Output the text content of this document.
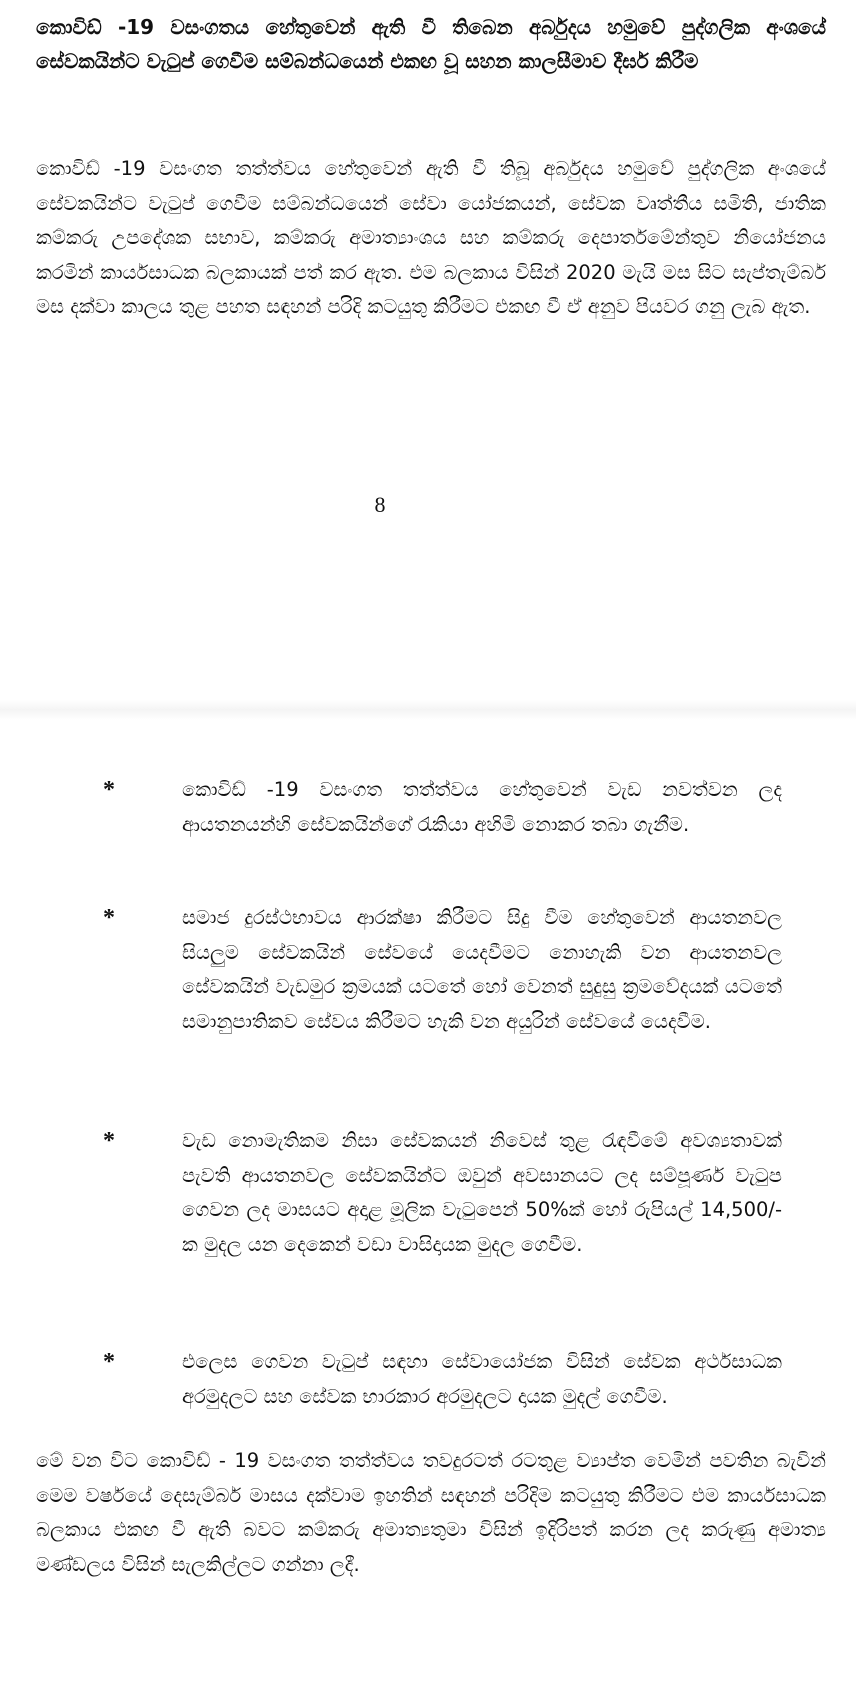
කොවිඩ් -19 වසංගතය හේතුවෙන් ඇති වී තිබෙන අර්බුදය හමුවේ පුද්ගලික අංශයේ සේවකයින්ට වැටුප් ගෙවීම සම්බන්ධයෙන් එකඟ වූ සහන කාලසීමාව දීර්ඝ කිරීම

කොවිඩ් -19 වසංගත තත්ත්වය හේතුවෙන් ඇති වී තිබූ අර්බුදය හමුවේ පුද්ගලික අංශයේ සේවකයින්ට වැටුප් ගෙවීම සම්බන්ධයෙන් සේවා යෝජකයන්, සේවක වෘත්තීය සමිති, ජාතික කම්කරු උපදේශක සභාව, කම්කරු අමාත්‍යාංශය සහ කම්කරු දෙපාර්තමේන්තුව නියෝජනය කරමින් කාර්යසාධක බලකායක් පත් කර ඇත. එම බලකාය විසින් 2020 මැයි මස සිට සැප්තැම්බර් මස දක්වා කාලය තුළ පහත සඳහන් පරිදි කටයුතු කිරීමට එකඟ වී ඒ අනුව පියවර ගනු ලැබ ඇත.

8
*	කොවිඩ් -19 වසංගත තත්ත්වය හේතුවෙන් වැඩ නවත්වන ලද ආයතනයන්හි සේවකයින්ගේ රැකියා අහිමි නොකර තබා ගැනීම.

*	සමාජ දුරස්ථභාවය ආරක්ෂා කිරීමට සිදු වීම හේතුවෙන් ආයතනවල සියලුම සේවකයින් සේවයේ යෙදවීමට නොහැකි වන ආයතනවල සේවකයින් වැඩමුර ක්‍රමයක් යටතේ හෝ වෙනත් සුදුසු ක්‍රමවේදයක් යටතේ සමානුපාතිකව සේවය කිරීමට හැකි වන අයුරින් සේවයේ යෙදවීම.

*	වැඩ නොමැතිකම නිසා සේවකයන් නිවෙස් තුළ රැඳවීමේ අවශ්‍යතාවක් පැවති ආයතනවල සේවකයින්ට ඔවුන් අවසානයට ලද සම්පූර්ණ වැටුප ගෙවන ලද මාසයට අදාළ මූලික වැටුපෙන් 50%ක් හෝ රුපියල් 14,500/-ක මුදල යන දෙකෙන් වඩා වාසිදායක මුදල ගෙවීම.

*	එලෙස ගෙවන වැටුප් සඳහා සේවායෝජක විසින් සේවක අර්ථසාධක අරමුදලට සහ සේවක භාරකාර අරමුදලට දායක මුදල් ගෙවීම.

මේ වන විට කොවිඩ් - 19 වසංගත තත්ත්වය තවදුරටත් රටතුළ ව්‍යාප්ත වෙමින් පවතින බැවින් මෙම වර්ෂයේ දෙසැම්බර් මාසය දක්වාම ඉහතින් සඳහන් පරිදිම කටයුතු කිරීමට එම කාර්යසාධක බලකාය එකඟ වී ඇති බවට කම්කරු අමාත්‍යතුමා විසින් ඉදිරිපත් කරන ලද කරුණු අමාත්‍ය මණ්ඩලය විසින් සැලකිල්ලට ගන්නා ලදී.
